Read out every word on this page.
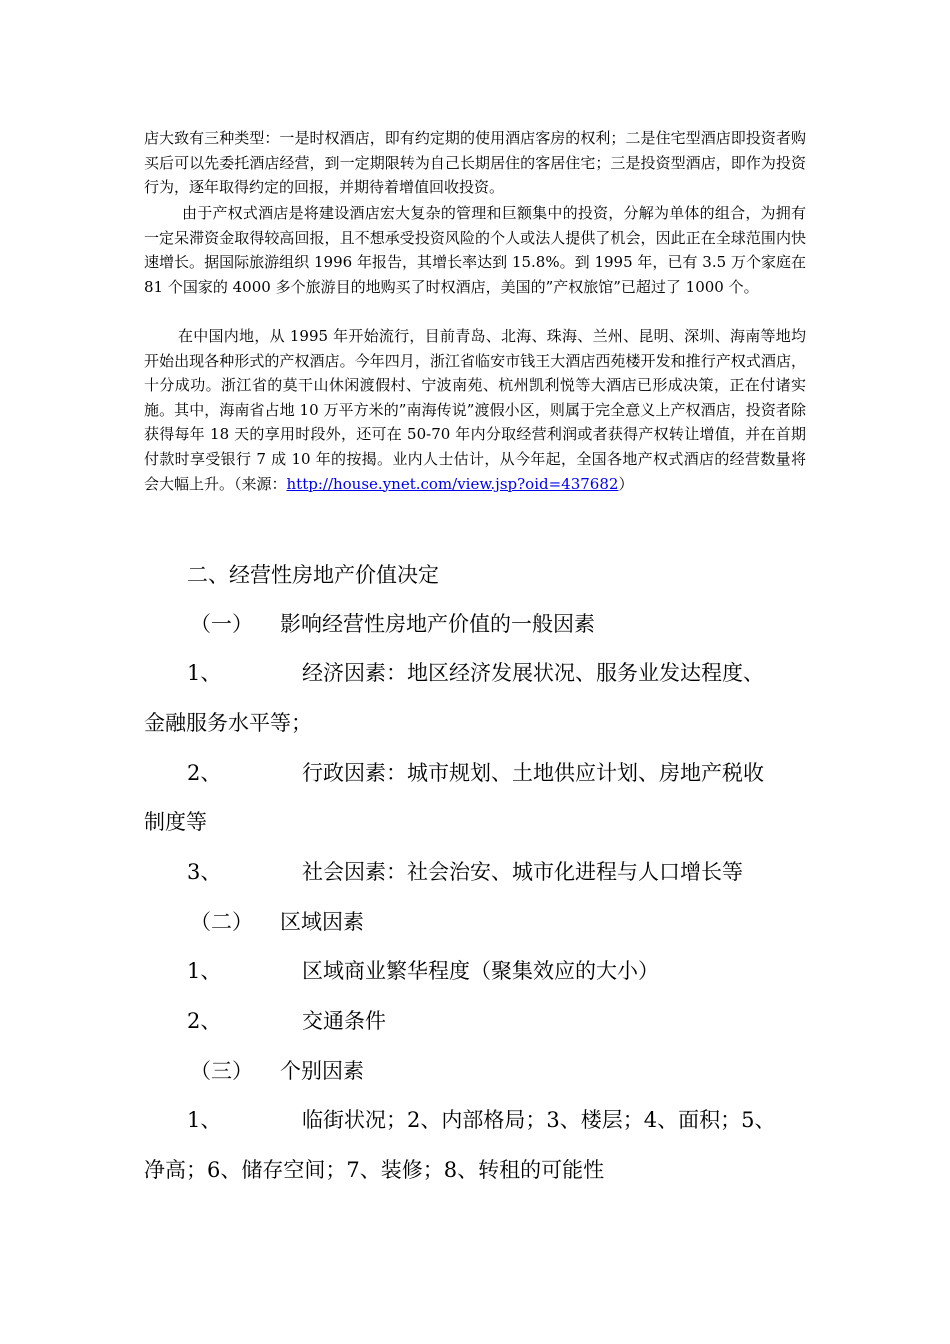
店大致有三种类型：一是时权酒店，即有约定期的使用酒店客房的权利；二是住宅型酒店即投资者购买后可以先委托酒店经营，到一定期限转为自己长期居住的客居住宅；三是投资型酒店，即作为投资行为，逐年取得约定的回报，并期待着增值回收投资。

由于产权式酒店是将建设酒店宏大复杂的管理和巨额集中的投资，分解为单体的组合，为拥有一定呆滞资金取得较高回报，且不想承受投资风险的个人或法人提供了机会，因此正在全球范围内快速增长。据国际旅游组织 1996 年报告，其增长率达到 15.8%。到 1995 年，已有 3.5 万个家庭在 81 个国家的 4000 多个旅游目的地购买了时权酒店，美国的”产权旅馆”已超过了 1000 个。

在中国内地，从 1995 年开始流行，目前青岛、北海、珠海、兰州、昆明、深圳、海南等地均开始出现各种形式的产权酒店。今年四月，浙江省临安市钱王大酒店西苑楼开发和推行产权式酒店，十分成功。浙江省的莫干山休闲渡假村、宁波南苑、杭州凯利悦等大酒店已形成决策，正在付诸实施。其中，海南省占地 10 万平方米的”南海传说”渡假小区，则属于完全意义上产权酒店，投资者除获得每年 18 天的享用时段外，还可在 50-70 年内分取经营利润或者获得产权转让增值，并在首期付款时享受银行 7 成 10 年的按揭。业内人士估计，从今年起，全国各地产权式酒店的经营数量将会大幅上升。（来源：http://house.ynet.com/view.jsp?oid=437682）

二、经营性房地产价值决定
（一） 影响经营性房地产价值的一般因素
1、	经济因素：地区经济发展状况、服务业发达程度、
金融服务水平等；
2、	行政因素：城市规划、土地供应计划、房地产税收
制度等
3、	社会因素：社会治安、城市化进程与人口增长等
（二） 区域因素
1、	区域商业繁华程度（聚集效应的大小）
2、	交通条件
（三） 个别因素
1、	临街状况；2、内部格局；3、楼层；4、面积；5、
净高；6、储存空间；7、装修；8、转租的可能性
